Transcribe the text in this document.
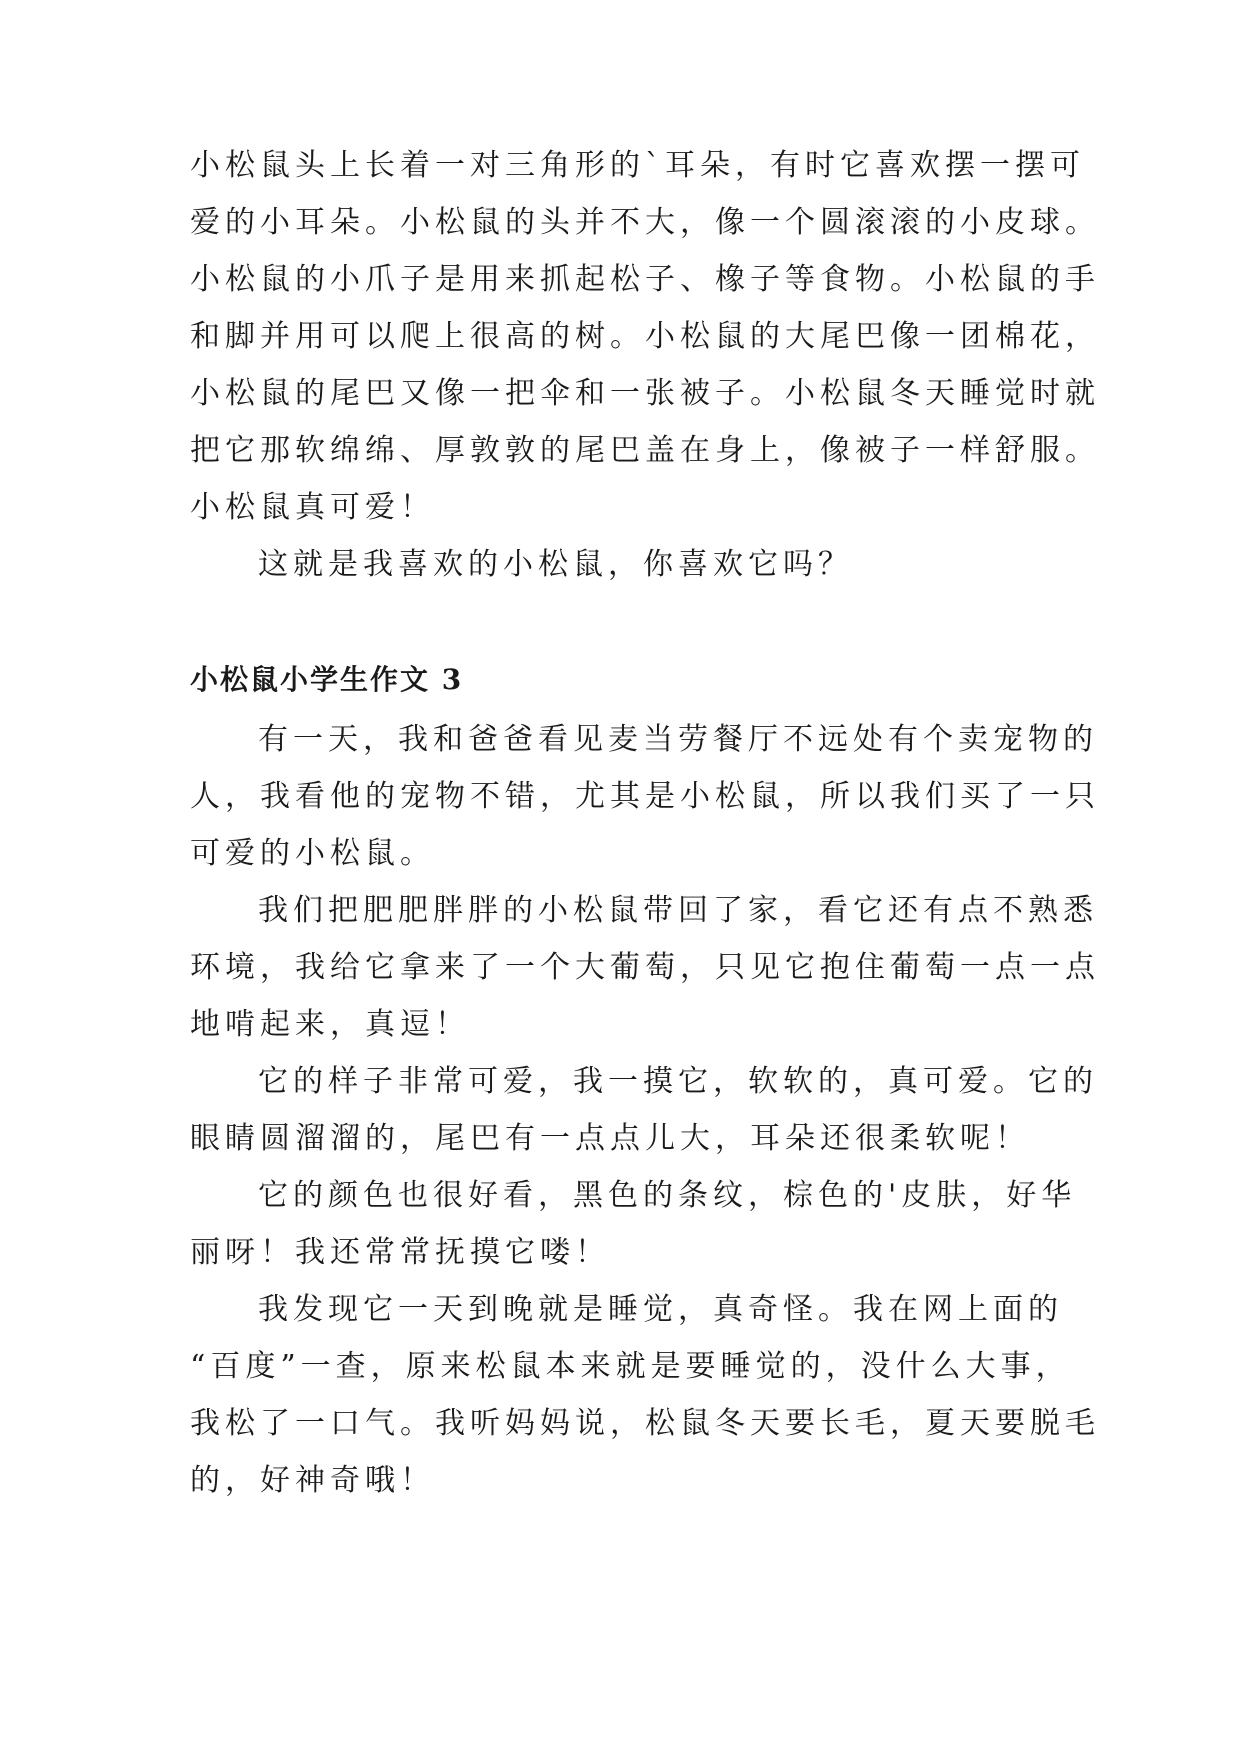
小松鼠头上长着一对三角形的`耳朵，有时它喜欢摆一摆可

爱的小耳朵。小松鼠的头并不大，像一个圆滚滚的小皮球。

小松鼠的小爪子是用来抓起松子、橡子等食物。小松鼠的手

和脚并用可以爬上很高的树。小松鼠的大尾巴像一团棉花，

小松鼠的尾巴又像一把伞和一张被子。小松鼠冬天睡觉时就

把它那软绵绵、厚敦敦的尾巴盖在身上，像被子一样舒服。

小松鼠真可爱！

这就是我喜欢的小松鼠，你喜欢它吗？

小松鼠小学生作文 3

有一天，我和爸爸看见麦当劳餐厅不远处有个卖宠物的

人，我看他的宠物不错，尤其是小松鼠，所以我们买了一只

可爱的小松鼠。

我们把肥肥胖胖的小松鼠带回了家，看它还有点不熟悉

环境，我给它拿来了一个大葡萄，只见它抱住葡萄一点一点

地啃起来，真逗！

它的样子非常可爱，我一摸它，软软的，真可爱。它的

眼睛圆溜溜的，尾巴有一点点儿大，耳朵还很柔软呢！

它的颜色也很好看，黑色的条纹，棕色的'皮肤，好华

丽呀！我还常常抚摸它喽！

我发现它一天到晚就是睡觉，真奇怪。我在网上面的

“百度”一查，原来松鼠本来就是要睡觉的，没什么大事，

我松了一口气。我听妈妈说，松鼠冬天要长毛，夏天要脱毛

的，好神奇哦！
